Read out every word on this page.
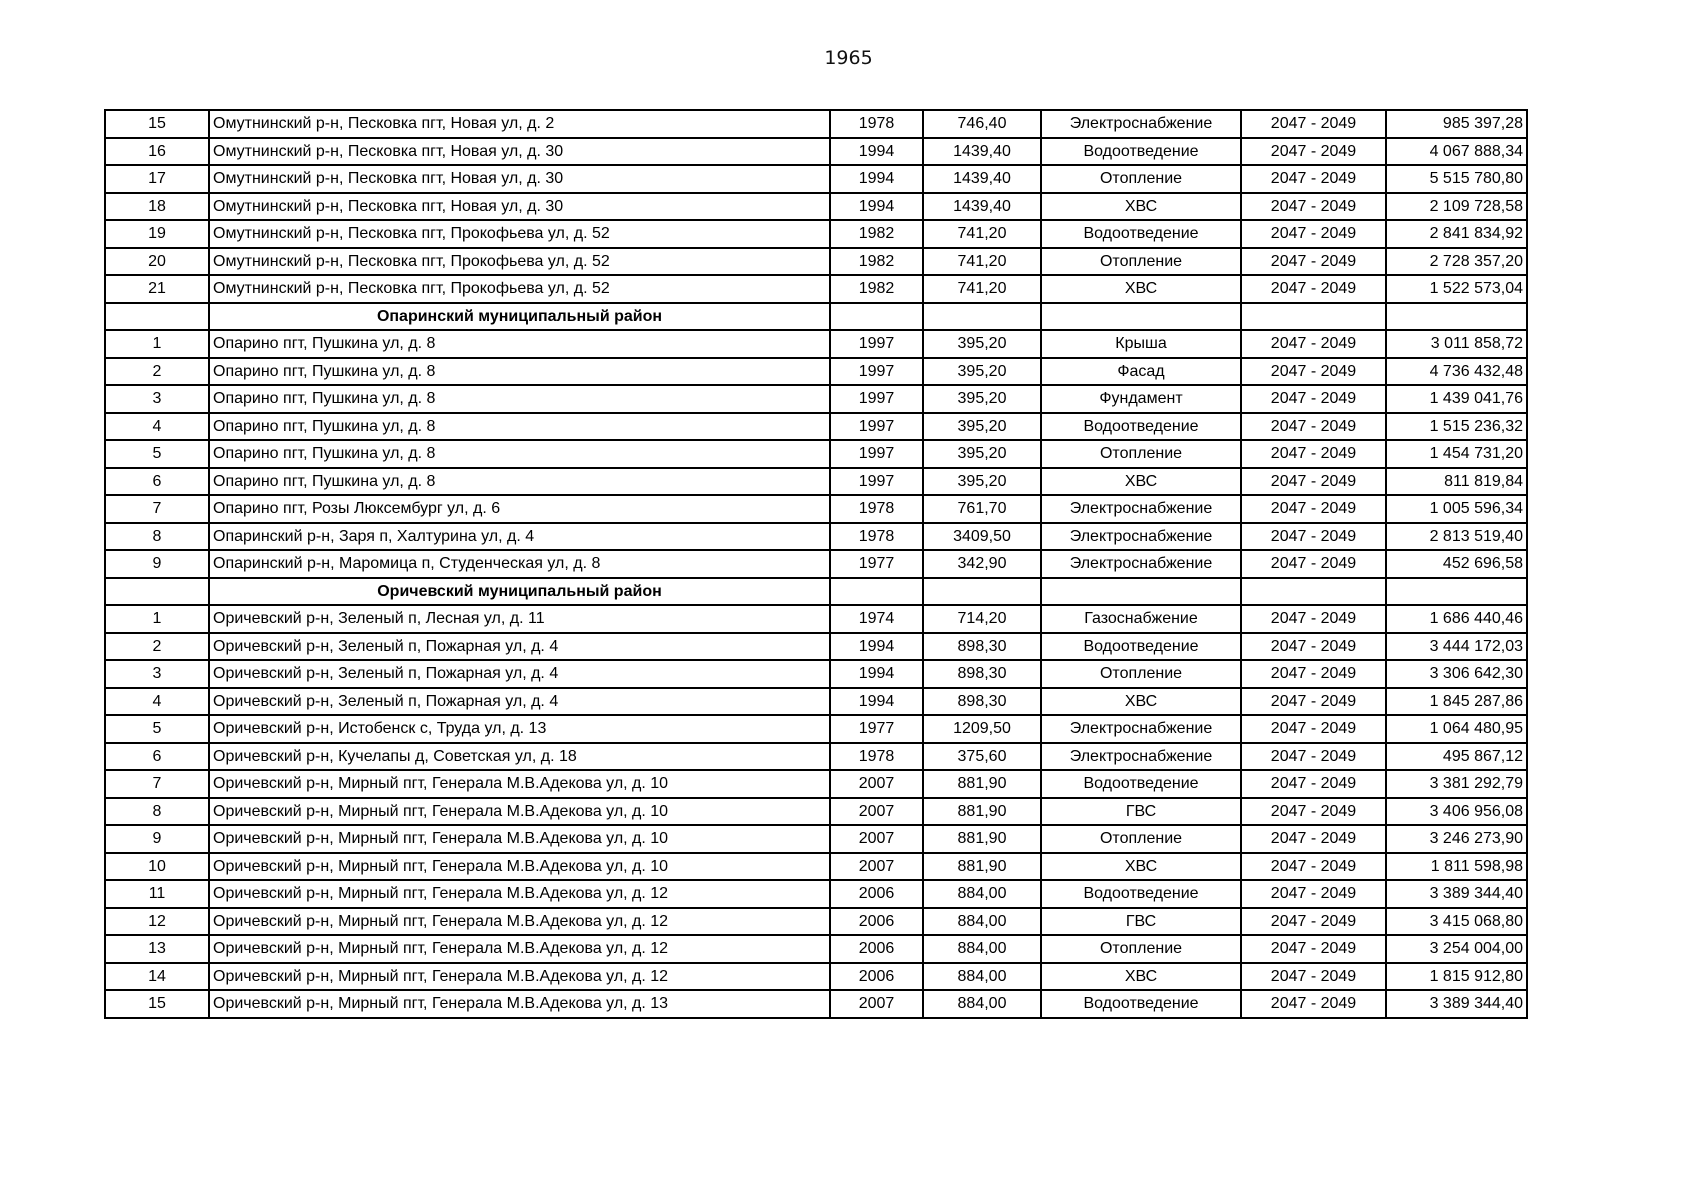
1965
15	Омутнинский р-н, Песковка пгт, Новая ул, д. 2	1978	746,40	Электроснабжение	2047 - 2049	985 397,28
16	Омутнинский р-н, Песковка пгт, Новая ул, д. 30	1994	1439,40	Водоотведение	2047 - 2049	4 067 888,34
17	Омутнинский р-н, Песковка пгт, Новая ул, д. 30	1994	1439,40	Отопление	2047 - 2049	5 515 780,80
18	Омутнинский р-н, Песковка пгт, Новая ул, д. 30	1994	1439,40	ХВС	2047 - 2049	2 109 728,58
19	Омутнинский р-н, Песковка пгт, Прокофьева ул, д. 52	1982	741,20	Водоотведение	2047 - 2049	2 841 834,92
20	Омутнинский р-н, Песковка пгт, Прокофьева ул, д. 52	1982	741,20	Отопление	2047 - 2049	2 728 357,20
21	Омутнинский р-н, Песковка пгт, Прокофьева ул, д. 52	1982	741,20	ХВС	2047 - 2049	1 522 573,04
	Опаринский муниципальный район					
1	Опарино пгт, Пушкина ул, д. 8	1997	395,20	Крыша	2047 - 2049	3 011 858,72
2	Опарино пгт, Пушкина ул, д. 8	1997	395,20	Фасад	2047 - 2049	4 736 432,48
3	Опарино пгт, Пушкина ул, д. 8	1997	395,20	Фундамент	2047 - 2049	1 439 041,76
4	Опарино пгт, Пушкина ул, д. 8	1997	395,20	Водоотведение	2047 - 2049	1 515 236,32
5	Опарино пгт, Пушкина ул, д. 8	1997	395,20	Отопление	2047 - 2049	1 454 731,20
6	Опарино пгт, Пушкина ул, д. 8	1997	395,20	ХВС	2047 - 2049	811 819,84
7	Опарино пгт, Розы Люксембург ул, д. 6	1978	761,70	Электроснабжение	2047 - 2049	1 005 596,34
8	Опаринский р-н, Заря п, Халтурина ул, д. 4	1978	3409,50	Электроснабжение	2047 - 2049	2 813 519,40
9	Опаринский р-н, Маромица п, Студенческая ул, д. 8	1977	342,90	Электроснабжение	2047 - 2049	452 696,58
	Оричевский муниципальный район					
1	Оричевский р-н, Зеленый п, Лесная ул, д. 11	1974	714,20	Газоснабжение	2047 - 2049	1 686 440,46
2	Оричевский р-н, Зеленый п, Пожарная ул, д. 4	1994	898,30	Водоотведение	2047 - 2049	3 444 172,03
3	Оричевский р-н, Зеленый п, Пожарная ул, д. 4	1994	898,30	Отопление	2047 - 2049	3 306 642,30
4	Оричевский р-н, Зеленый п, Пожарная ул, д. 4	1994	898,30	ХВС	2047 - 2049	1 845 287,86
5	Оричевский р-н, Истобенск с, Труда ул, д. 13	1977	1209,50	Электроснабжение	2047 - 2049	1 064 480,95
6	Оричевский р-н, Кучелапы д, Советская ул, д. 18	1978	375,60	Электроснабжение	2047 - 2049	495 867,12
7	Оричевский р-н, Мирный пгт, Генерала М.В.Адекова ул, д. 10	2007	881,90	Водоотведение	2047 - 2049	3 381 292,79
8	Оричевский р-н, Мирный пгт, Генерала М.В.Адекова ул, д. 10	2007	881,90	ГВС	2047 - 2049	3 406 956,08
9	Оричевский р-н, Мирный пгт, Генерала М.В.Адекова ул, д. 10	2007	881,90	Отопление	2047 - 2049	3 246 273,90
10	Оричевский р-н, Мирный пгт, Генерала М.В.Адекова ул, д. 10	2007	881,90	ХВС	2047 - 2049	1 811 598,98
11	Оричевский р-н, Мирный пгт, Генерала М.В.Адекова ул, д. 12	2006	884,00	Водоотведение	2047 - 2049	3 389 344,40
12	Оричевский р-н, Мирный пгт, Генерала М.В.Адекова ул, д. 12	2006	884,00	ГВС	2047 - 2049	3 415 068,80
13	Оричевский р-н, Мирный пгт, Генерала М.В.Адекова ул, д. 12	2006	884,00	Отопление	2047 - 2049	3 254 004,00
14	Оричевский р-н, Мирный пгт, Генерала М.В.Адекова ул, д. 12	2006	884,00	ХВС	2047 - 2049	1 815 912,80
15	Оричевский р-н, Мирный пгт, Генерала М.В.Адекова ул, д. 13	2007	884,00	Водоотведение	2047 - 2049	3 389 344,40
